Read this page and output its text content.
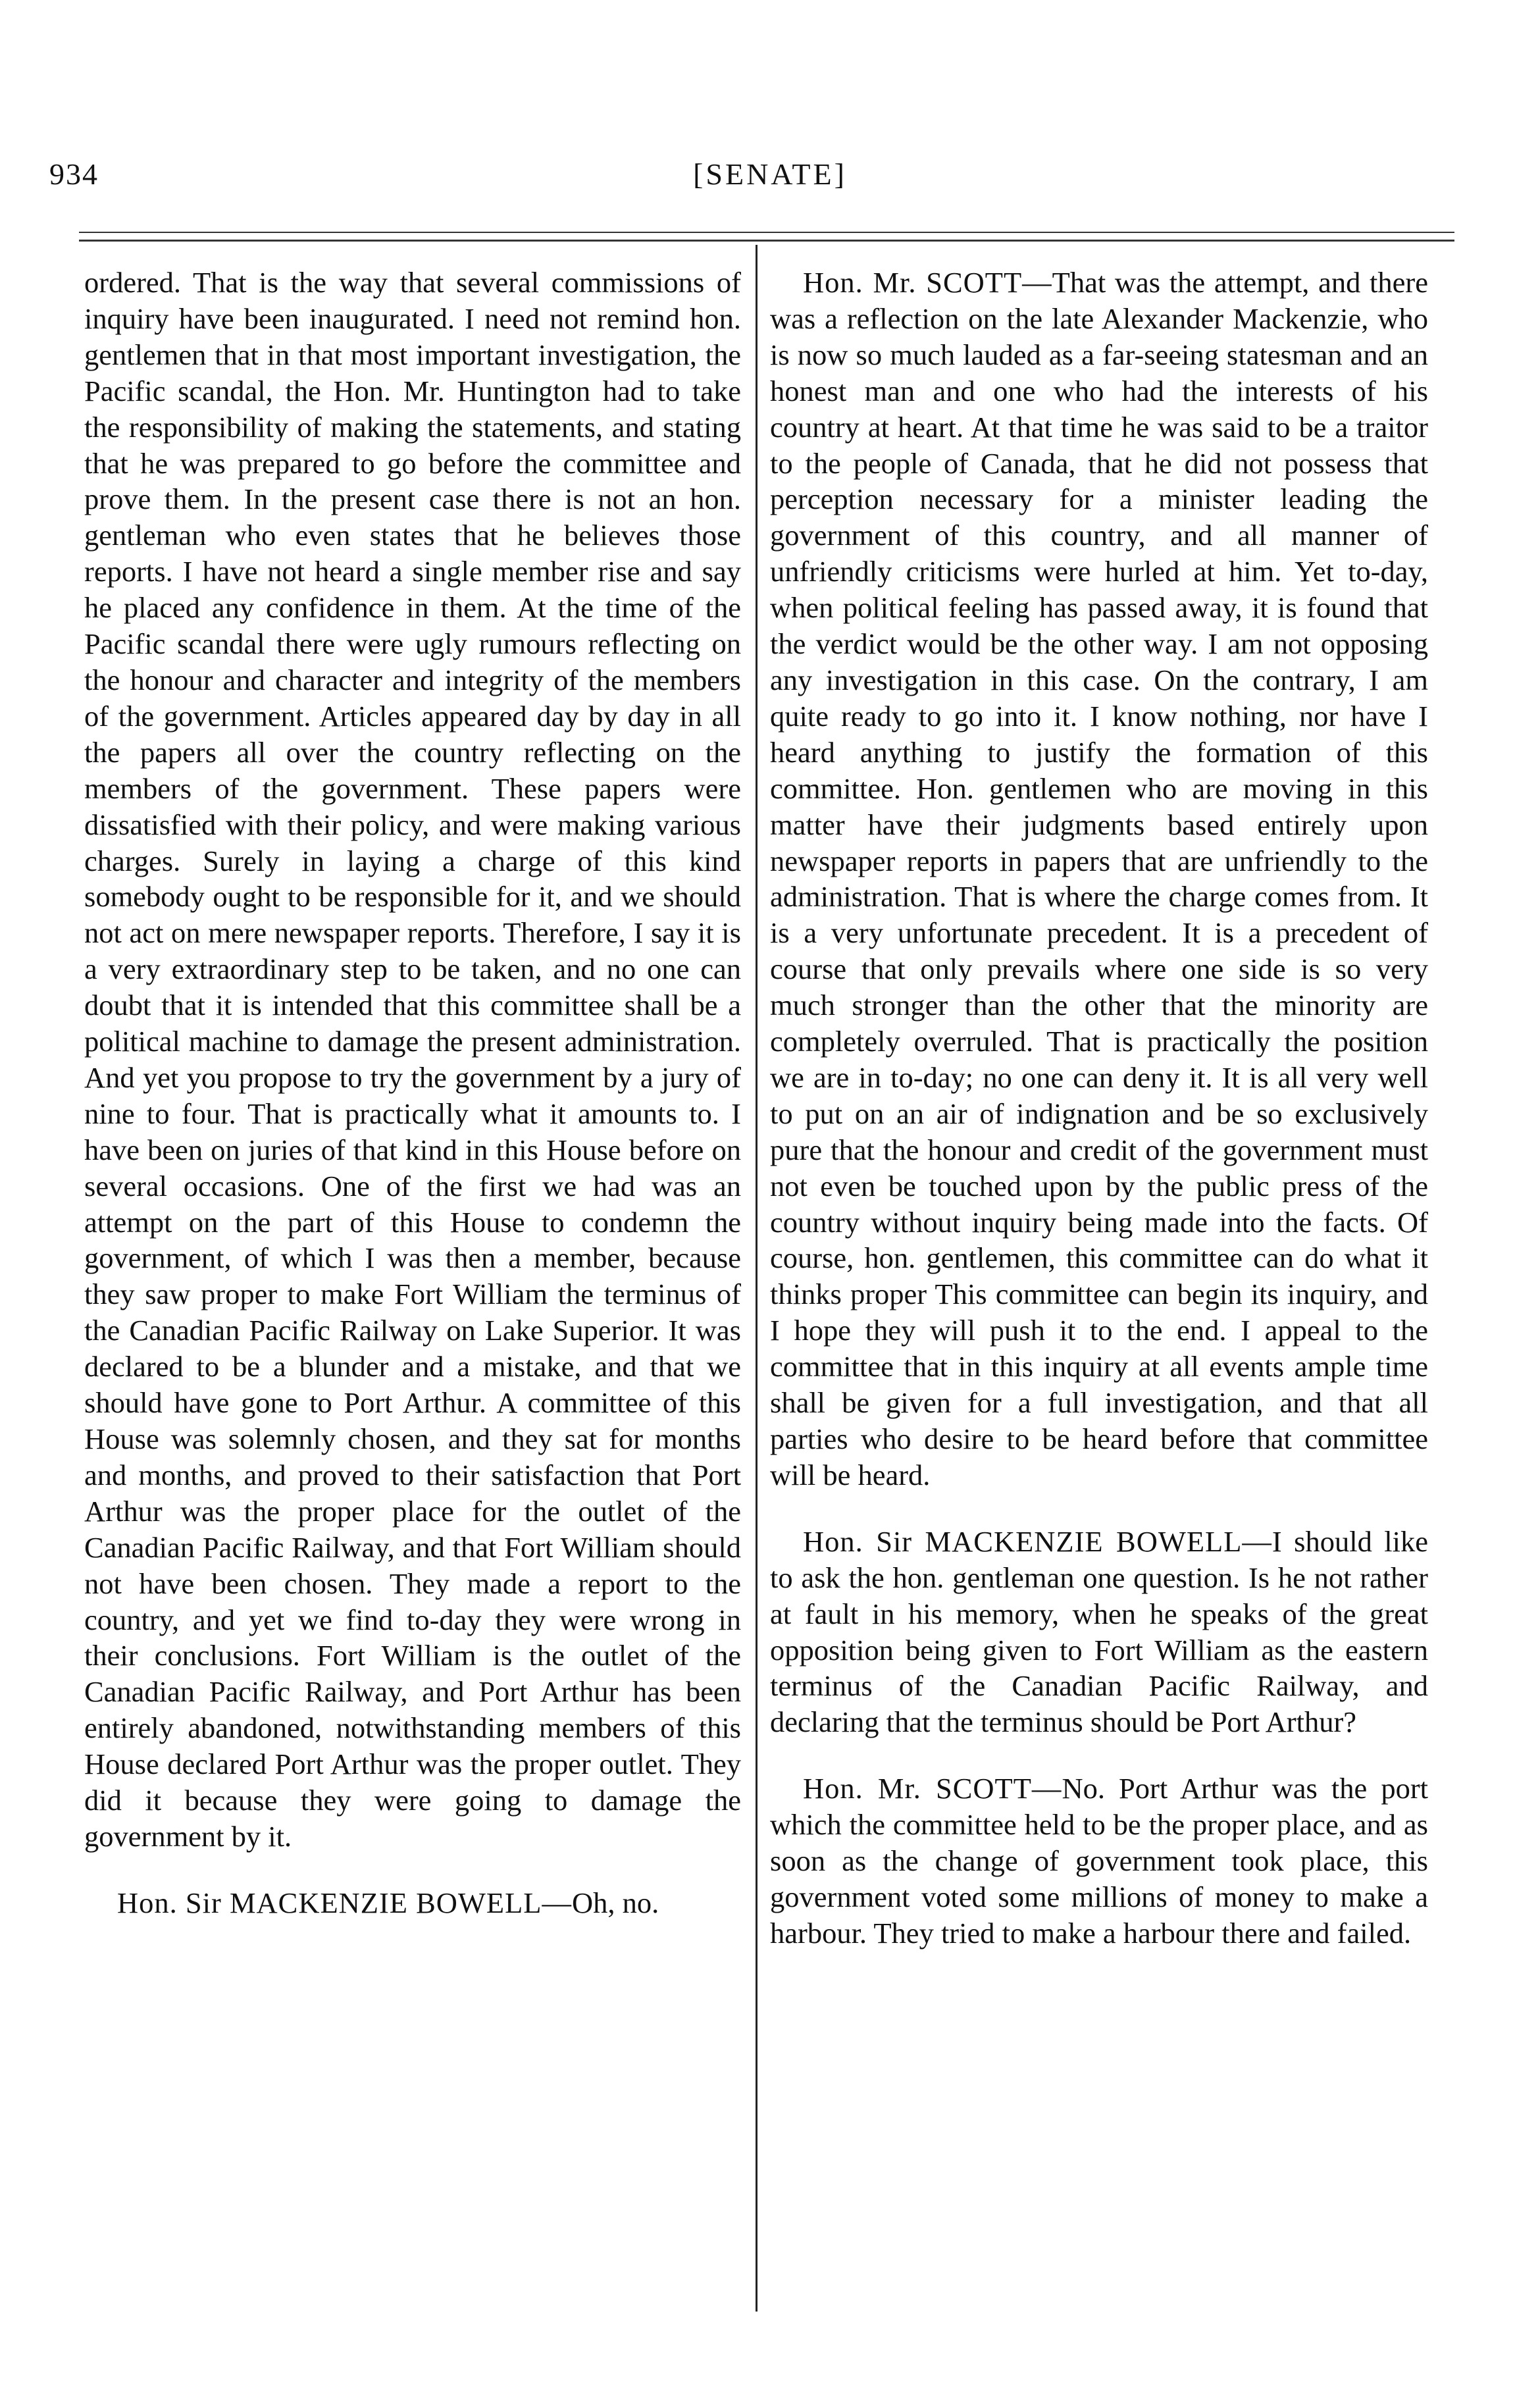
934	[SENATE]

ordered. That is the way that several commissions of inquiry have been inaugurated. I need not remind hon. gentlemen that in that most important investigation, the Pacific scandal, the Hon. Mr. Huntington had to take the responsibility of making the statements, and stating that he was prepared to go before the committee and prove them. In the present case there is not an hon. gentleman who even states that he believes those reports. I have not heard a single member rise and say he placed any confidence in them. At the time of the Pacific scandal there were ugly rumours reflecting on the honour and character and integrity of the members of the government. Articles appeared day by day in all the papers all over the country reflecting on the members of the government. These papers were dissatisfied with their policy, and were making various charges. Surely in laying a charge of this kind somebody ought to be responsible for it, and we should not act on mere newspaper reports. Therefore, I say it is a very extraordinary step to be taken, and no one can doubt that it is intended that this committee shall be a political machine to damage the present administration. And yet you propose to try the government by a jury of nine to four. That is practically what it amounts to. I have been on juries of that kind in this House before on several occasions. One of the first we had was an attempt on the part of this House to condemn the government, of which I was then a member, because they saw proper to make Fort William the terminus of the Canadian Pacific Railway on Lake Superior. It was declared to be a blunder and a mistake, and that we should have gone to Port Arthur. A committee of this House was solemnly chosen, and they sat for months and months, and proved to their satisfaction that Port Arthur was the proper place for the outlet of the Canadian Pacific Railway, and that Fort William should not have been chosen. They made a report to the country, and yet we find to-day they were wrong in their conclusions. Fort William is the outlet of the Canadian Pacific Railway, and Port Arthur has been entirely abandoned, notwithstanding members of this House declared Port Arthur was the proper outlet. They did it because they were going to damage the government by it.

Hon. Sir MACKENZIE BOWELL—Oh, no.

Hon. Mr. SCOTT—That was the attempt, and there was a reflection on the late Alexander Mackenzie, who is now so much lauded as a far-seeing statesman and an honest man and one who had the interests of his country at heart. At that time he was said to be a traitor to the people of Canada, that he did not possess that perception necessary for a minister leading the government of this country, and all manner of unfriendly criticisms were hurled at him. Yet to-day, when political feeling has passed away, it is found that the verdict would be the other way. I am not opposing any investigation in this case. On the contrary, I am quite ready to go into it. I know nothing, nor have I heard anything to justify the formation of this committee. Hon. gentlemen who are moving in this matter have their judgments based entirely upon newspaper reports in papers that are unfriendly to the administration. That is where the charge comes from. It is a very unfortunate precedent. It is a precedent of course that only prevails where one side is so very much stronger than the other that the minority are completely overruled. That is practically the position we are in to-day; no one can deny it. It is all very well to put on an air of indignation and be so exclusively pure that the honour and credit of the government must not even be touched upon by the public press of the country without inquiry being made into the facts. Of course, hon. gentlemen, this committee can do what it thinks proper This committee can begin its inquiry, and I hope they will push it to the end. I appeal to the committee that in this inquiry at all events ample time shall be given for a full investigation, and that all parties who desire to be heard before that committee will be heard.

Hon. Sir MACKENZIE BOWELL—I should like to ask the hon. gentleman one question. Is he not rather at fault in his memory, when he speaks of the great opposition being given to Fort William as the eastern terminus of the Canadian Pacific Railway, and declaring that the terminus should be Port Arthur?

Hon. Mr. SCOTT—No. Port Arthur was the port which the committee held to be the proper place, and as soon as the change of government took place, this government voted some millions of money to make a harbour. They tried to make a harbour there and failed.
